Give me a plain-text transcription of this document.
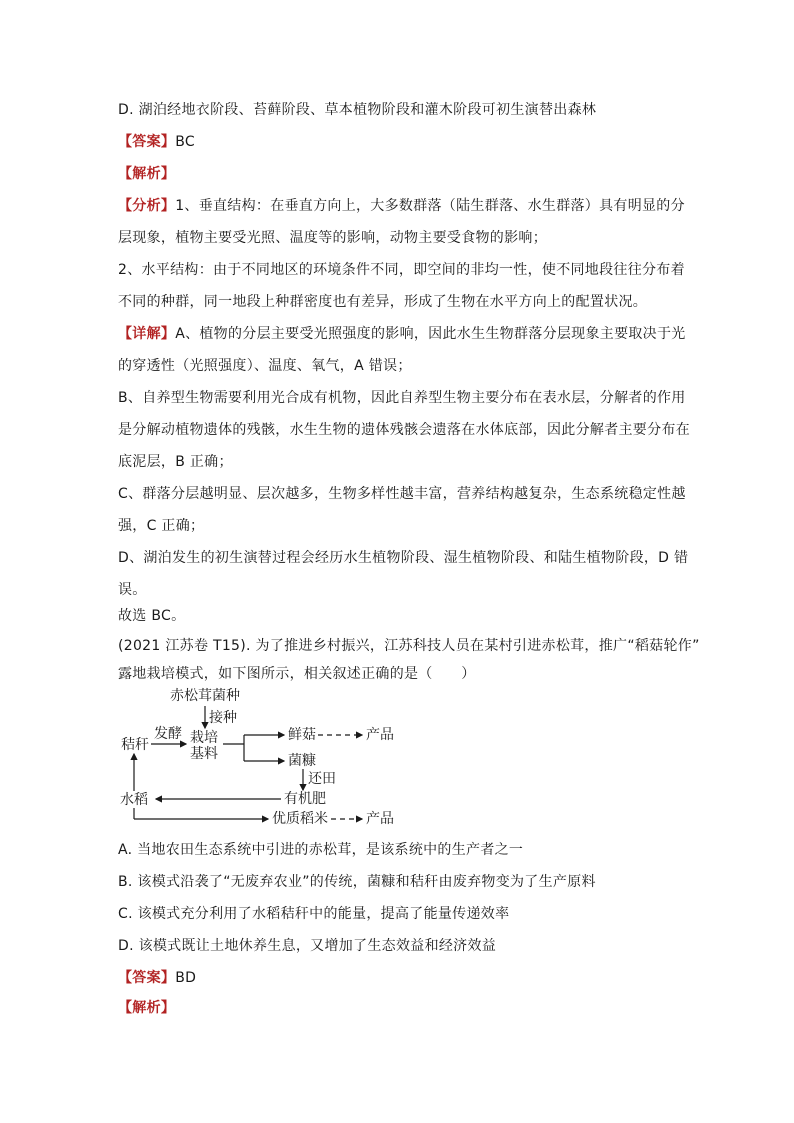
D. 湖泊经地衣阶段、苔藓阶段、草本植物阶段和灌木阶段可初生演替出森林
【答案】BC
【解析】
【分析】1、垂直结构：在垂直方向上，大多数群落（陆生群落、水生群落）具有明显的分
层现象，植物主要受光照、温度等的影响，动物主要受食物的影响；
2、水平结构：由于不同地区的环境条件不同，即空间的非均一性，使不同地段往往分布着
不同的种群，同一地段上种群密度也有差异，形成了生物在水平方向上的配置状况。
【详解】A、植物的分层主要受光照强度的影响，因此水生生物群落分层现象主要取决于光
的穿透性（光照强度）、温度、氧气，A 错误；
B、自养型生物需要利用光合成有机物，因此自养型生物主要分布在表水层，分解者的作用
是分解动植物遗体的残骸，水生生物的遗体残骸会遗落在水体底部，因此分解者主要分布在
底泥层，B 正确；
C、群落分层越明显、层次越多，生物多样性越丰富，营养结构越复杂，生态系统稳定性越
强，C 正确；
D、湖泊发生的初生演替过程会经历水生植物阶段、湿生植物阶段、和陆生植物阶段，D 错
误。
故选 BC。
(2021 江苏卷 T15). 为了推进乡村振兴，江苏科技人员在某村引进赤松茸，推广“稻菇轮作”
露地栽培模式，如下图所示，相关叙述正确的是（　　）
赤松茸菌种
接种
发酵
秸秆	栽培
基料
鲜菇	产品
菌糠
还田
有机肥
水稻
优质稻米	产品
A. 当地农田生态系统中引进的赤松茸，是该系统中的生产者之一
B. 该模式沿袭了“无废弃农业”的传统，菌糠和秸秆由废弃物变为了生产原料
C. 该模式充分利用了水稻秸秆中的能量，提高了能量传递效率
D. 该模式既让土地休养生息，又增加了生态效益和经济效益
【答案】BD
【解析】
